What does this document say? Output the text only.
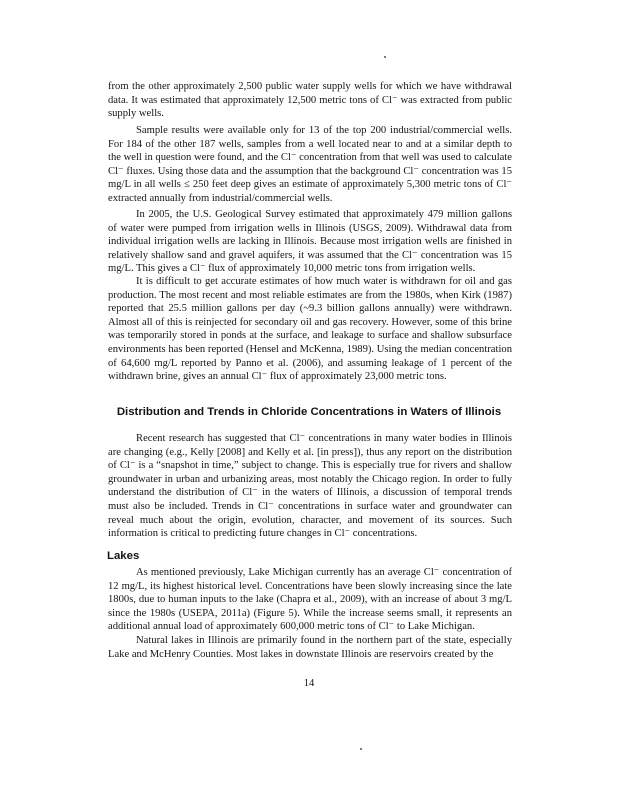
from the other approximately 2,500 public water supply wells for which we have withdrawal data. It was estimated that approximately 12,500 metric tons of Cl⁻ was extracted from public supply wells.

Sample results were available only for 13 of the top 200 industrial/commercial wells. For 184 of the other 187 wells, samples from a well located near to and at a similar depth to the well in question were found, and the Cl⁻ concentration from that well was used to calculate Cl⁻ fluxes. Using those data and the assumption that the background Cl⁻ concentration was 15 mg/L in all wells ≤ 250 feet deep gives an estimate of approximately 5,300 metric tons of Cl⁻ extracted annually from industrial/commercial wells.

In 2005, the U.S. Geological Survey estimated that approximately 479 million gallons of water were pumped from irrigation wells in Illinois (USGS, 2009). Withdrawal data from individual irrigation wells are lacking in Illinois. Because most irrigation wells are finished in relatively shallow sand and gravel aquifers, it was assumed that the Cl⁻ concentration was 15 mg/L. This gives a Cl⁻ flux of approximately 10,000 metric tons from irrigation wells.

It is difficult to get accurate estimates of how much water is withdrawn for oil and gas production. The most recent and most reliable estimates are from the 1980s, when Kirk (1987) reported that 25.5 million gallons per day (~9.3 billion gallons annually) were withdrawn. Almost all of this is reinjected for secondary oil and gas recovery. However, some of this brine was temporarily stored in ponds at the surface, and leakage to surface and shallow subsurface environments has been reported (Hensel and McKenna, 1989). Using the median concentration of 64,600 mg/L reported by Panno et al. (2006), and assuming leakage of 1 percent of the withdrawn brine, gives an annual Cl⁻ flux of approximately 23,000 metric tons.

Distribution and Trends in Chloride Concentrations in Waters of Illinois

Recent research has suggested that Cl⁻ concentrations in many water bodies in Illinois are changing (e.g., Kelly [2008] and Kelly et al. [in press]), thus any report on the distribution of Cl⁻ is a “snapshot in time,” subject to change. This is especially true for rivers and shallow groundwater in urban and urbanizing areas, most notably the Chicago region. In order to fully understand the distribution of Cl⁻ in the waters of Illinois, a discussion of temporal trends must also be included. Trends in Cl⁻ concentrations in surface water and groundwater can reveal much about the origin, evolution, character, and movement of its sources. Such information is critical to predicting future changes in Cl⁻ concentrations.

Lakes

As mentioned previously, Lake Michigan currently has an average Cl⁻ concentration of 12 mg/L, its highest historical level. Concentrations have been slowly increasing since the late 1800s, due to human inputs to the lake (Chapra et al., 2009), with an increase of about 3 mg/L since the 1980s (USEPA, 2011a) (Figure 5). While the increase seems small, it represents an additional annual load of approximately 600,000 metric tons of Cl⁻ to Lake Michigan.

Natural lakes in Illinois are primarily found in the northern part of the state, especially Lake and McHenry Counties. Most lakes in downstate Illinois are reservoirs created by the

14
